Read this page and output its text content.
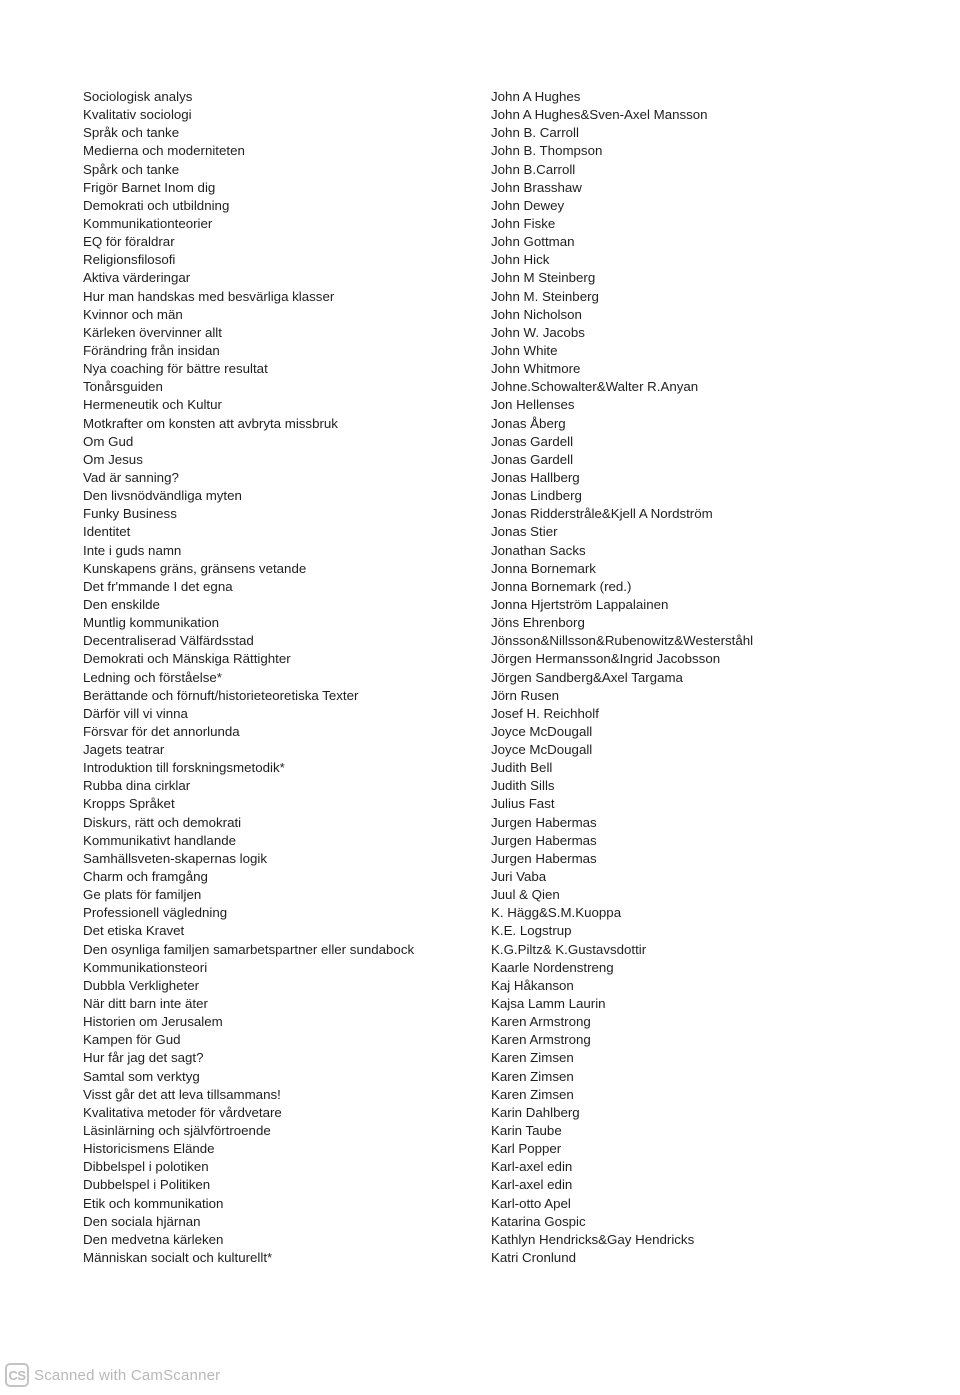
Sociologisk analys
Kvalitativ sociologi
Språk och tanke
Medierna och moderniteten
Spårk och tanke
Frigör Barnet Inom dig
Demokrati och utbildning
Kommunikationteorier
EQ för föraldrar
Religionsfilosofi
Aktiva värderingar
Hur man handskas med besvärliga klasser
Kvinnor och män
Kärleken övervinner allt
Förändring från insidan
Nya coaching för bättre resultat
Tonårsguiden
Hermeneutik och Kultur
Motkrafter om konsten att avbryta missbruk
Om Gud
Om Jesus
Vad är sanning?
Den livsnödvändliga myten
Funky Business
Identitet
Inte i guds namn
Kunskapens gräns, gränsens vetande
Det fr'mmande I det egna
Den enskilde
Muntlig kommunikation
Decentraliserad Välfärdsstad
Demokrati och Mänskiga Rättighter
Ledning och förståelse*
Berättande och förnuft/historieteoretiska Texter
Därför vill vi vinna
Försvar för det annorlunda
Jagets teatrar
Introduktion till forskningsmetodik*
Rubba dina cirklar
Kropps Språket
Diskurs, rätt och demokrati
Kommunikativt handlande
Samhällsveten-skapernas logik
Charm och framgång
Ge plats för familjen
Professionell vägledning
Det etiska Kravet
Den osynliga familjen samarbetspartner eller sundabock
Kommunikationsteori
Dubbla Verkligheter
När ditt barn inte äter
Historien om Jerusalem
Kampen för Gud
Hur får jag det sagt?
Samtal som verktyg
Visst går det att leva tillsammans!
Kvalitativa metoder för vårdvetare
Läsinlärning och självförtroende
Historicismens Elände
Dibbelspel i polotiken
Dubbelspel i Politiken
Etik och kommunikation
Den sociala hjärnan
Den medvetna kärleken
Människan socialt och kulturellt*
John A Hughes
John A Hughes&Sven-Axel Mansson
John B. Carroll
John B. Thompson
John B.Carroll
John Brasshaw
John Dewey
John Fiske
John Gottman
John Hick
John M Steinberg
John M. Steinberg
John Nicholson
John W. Jacobs
John White
John Whitmore
Johne.Schowalter&Walter R.Anyan
Jon Hellenses
Jonas Åberg
Jonas Gardell
Jonas Gardell
Jonas Hallberg
Jonas Lindberg
Jonas Ridderstråle&Kjell A Nordström
Jonas Stier
Jonathan Sacks
Jonna Bornemark
Jonna Bornemark (red.)
Jonna Hjertström Lappalainen
Jöns Ehrenborg
Jönsson&Nillsson&Rubenowitz&Westerståhl
Jörgen Hermansson&Ingrid Jacobsson
Jörgen Sandberg&Axel Targama
Jörn Rusen
Josef H. Reichholf
Joyce McDougall
Joyce McDougall
Judith Bell
Judith Sills
Julius Fast
Jurgen Habermas
Jurgen Habermas
Jurgen Habermas
Juri Vaba
Juul & Qien
K. Hägg&S.M.Kuoppa
K.E. Logstrup
K.G.Piltz& K.Gustavsdottir
Kaarle Nordenstreng
Kaj Håkanson
Kajsa Lamm Laurin
Karen Armstrong
Karen Armstrong
Karen Zimsen
Karen Zimsen
Karen Zimsen
Karin Dahlberg
Karin Taube
Karl Popper
Karl-axel edin
Karl-axel edin
Karl-otto Apel
Katarina Gospic
Kathlyn Hendricks&Gay Hendricks
Katri Cronlund
CS Scanned with CamScanner
